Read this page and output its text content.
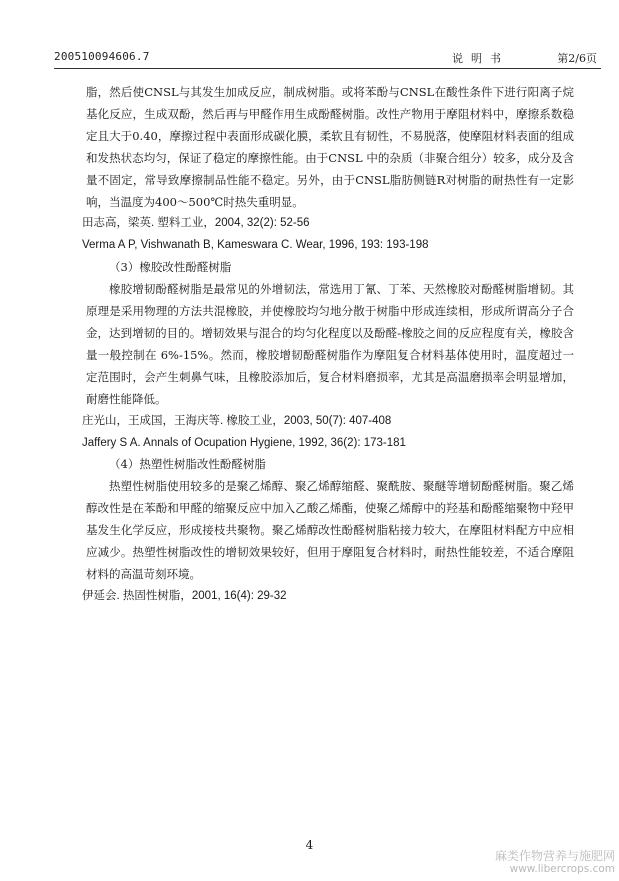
200510094606.7	说明书	第2/6页

脂，然后使CNSL与其发生加成反应，制成树脂。或将苯酚与CNSL在酸性条件下进行阳离子烷基化反应，生成双酚，然后再与甲醛作用生成酚醛树脂。改性产物用于摩阻材料中，摩擦系数稳定且大于0.40，摩擦过程中表面形成碳化膜，柔软且有韧性，不易脱落，使摩阻材料表面的组成和发热状态均匀，保证了稳定的摩擦性能。由于CNSL 中的杂质（非聚合组分）较多，成分及含量不固定，常导致摩擦制品性能不稳定。另外，由于CNSL脂肪侧链R对树脂的耐热性有一定影响，当温度为400～500℃时热失重明显。

田志高，梁英. 塑料工业，2004, 32(2): 52-56

Verma A P, Vishwanath B, Kameswara C. Wear, 1996, 193: 193-198

（3）橡胶改性酚醛树脂

橡胶增韧酚醛树脂是最常见的外增韧法，常选用丁氰、丁苯、天然橡胶对酚醛树脂增韧。其原理是采用物理的方法共混橡胶，并使橡胶均匀地分散于树脂中形成连续相，形成所谓高分子合金，达到增韧的目的。增韧效果与混合的均匀化程度以及酚醛-橡胶之间的反应程度有关，橡胶含量一般控制在 6%-15%。然而，橡胶增韧酚醛树脂作为摩阻复合材料基体使用时，温度超过一定范围时，会产生刺鼻气味，且橡胶添加后，复合材料磨损率，尤其是高温磨损率会明显增加，耐磨性能降低。

庄光山，王成国，王海庆等. 橡胶工业，2003, 50(7): 407-408

Jaffery S A. Annals of Ocupation Hygiene, 1992, 36(2): 173-181

（4）热塑性树脂改性酚醛树脂

热塑性树脂使用较多的是聚乙烯醇、聚乙烯醇缩醛、聚酰胺、聚醚等增韧酚醛树脂。聚乙烯醇改性是在苯酚和甲醛的缩聚反应中加入乙酸乙烯酯，使聚乙烯醇中的羟基和酚醛缩聚物中羟甲基发生化学反应，形成接枝共聚物。聚乙烯醇改性酚醛树脂粘接力较大，在摩阻材料配方中应相应减少。热塑性树脂改性的增韧效果较好，但用于摩阻复合材料时，耐热性能较差，不适合摩阻材料的高温苛刻环境。

伊延会. 热固性树脂，2001, 16(4): 29-32

4
麻类作物营养与施肥网
www.libercrops.com
